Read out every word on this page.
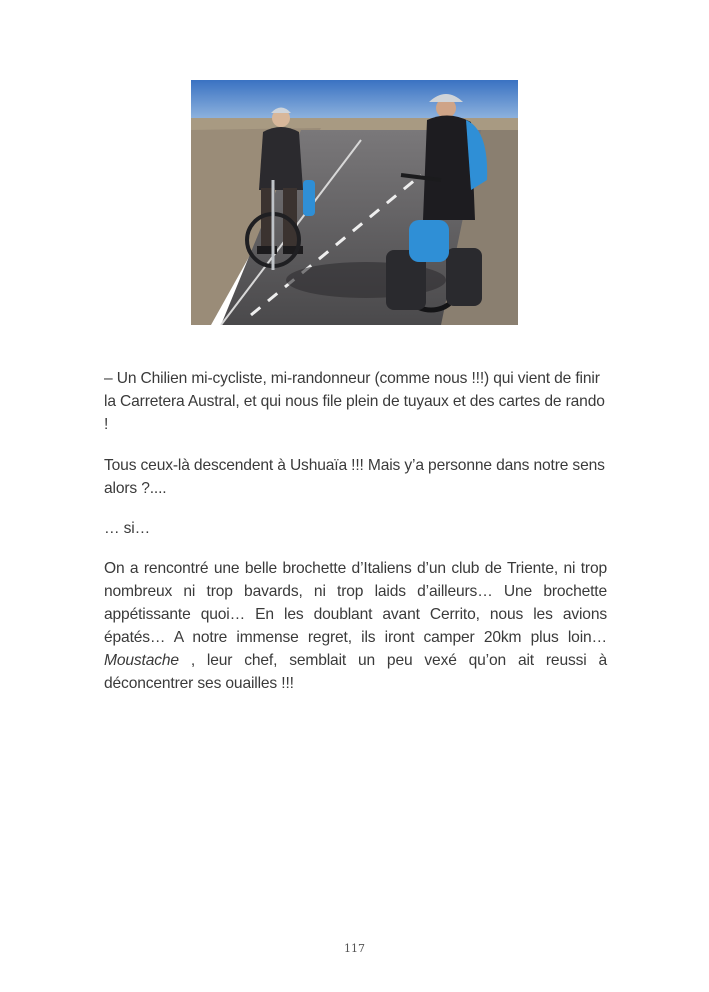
– Un Chilien mi-cycliste, mi-randonneur (comme nous !!!) qui vient de finir la Carretera Austral, et qui nous file plein de tuyaux et des cartes de rando !

Tous ceux-là descendent à Ushuaïa !!! Mais y’a personne dans notre sens alors ?....

… si…

On a rencontré une belle brochette d’Italiens d’un club de Triente, ni trop nombreux ni trop bavards, ni trop laids d’ailleurs… Une brochette appétissante quoi… En les doublant avant Cerrito, nous les avions épatés… A notre immense regret, ils iront camper 20km plus loin… Moustache , leur chef, semblait un peu vexé qu’on ait reussi à déconcentrer ses ouailles !!!

117
